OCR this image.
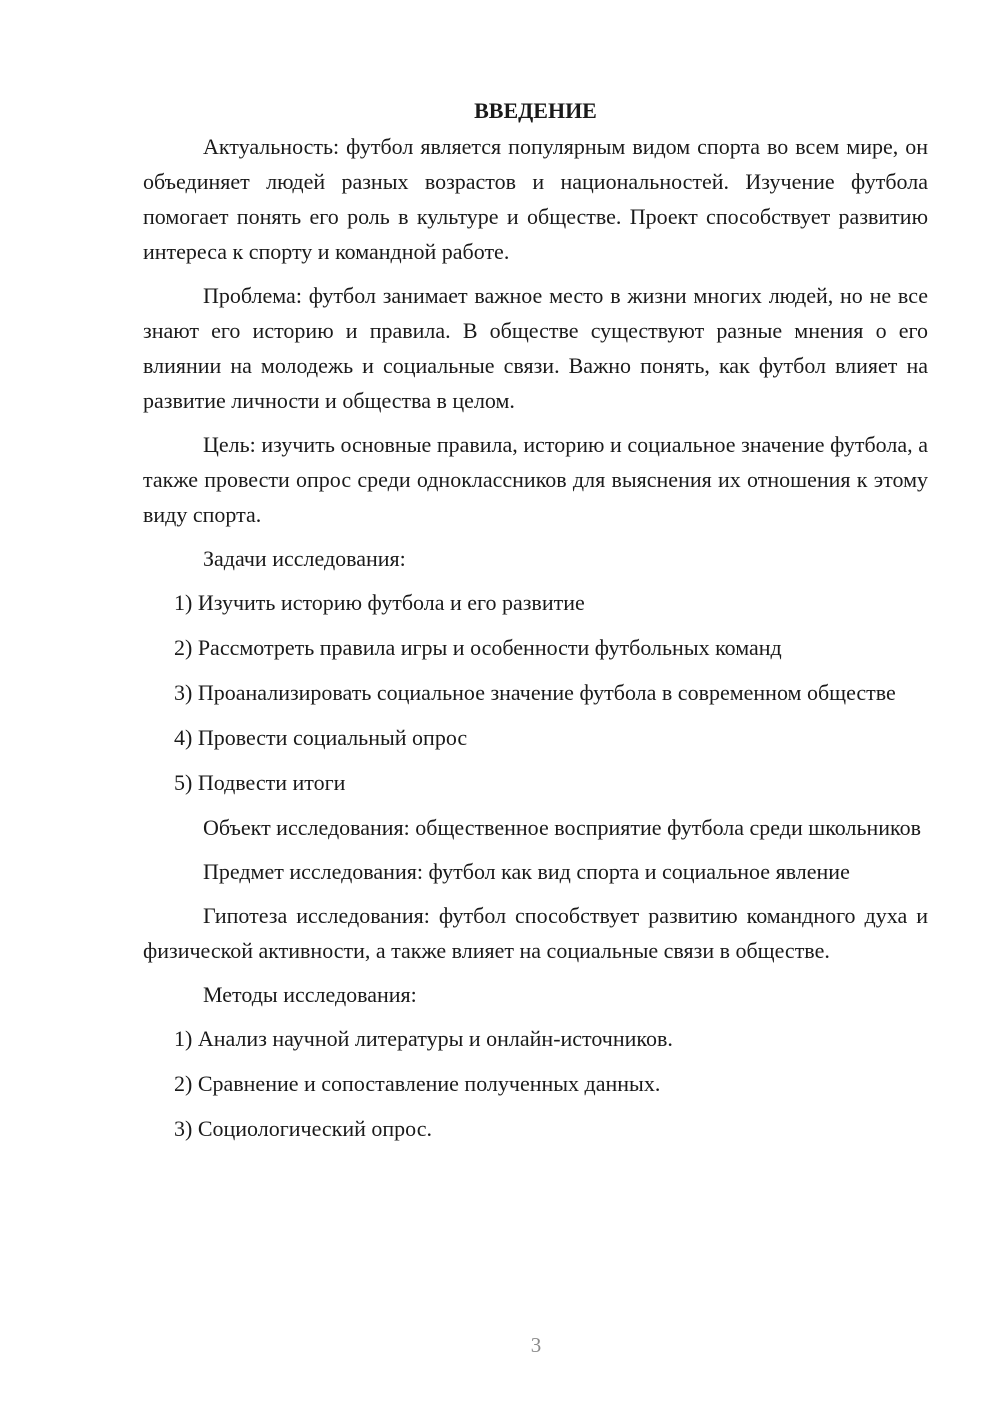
ВВЕДЕНИЕ

Актуальность: футбол является популярным видом спорта во всем мире, он объединяет людей разных возрастов и национальностей. Изучение футбола помогает понять его роль в культуре и обществе. Проект способствует развитию интереса к спорту и командной работе.

Проблема: футбол занимает важное место в жизни многих людей, но не все знают его историю и правила. В обществе существуют разные мнения о его влиянии на молодежь и социальные связи. Важно понять, как футбол влияет на развитие личности и общества в целом.

Цель: изучить основные правила, историю и социальное значение футбола, а также провести опрос среди одноклассников для выяснения их отношения к этому виду спорта.

Задачи исследования:

1) Изучить историю футбола и его развитие

2) Рассмотреть правила игры и особенности футбольных команд

3) Проанализировать социальное значение футбола в современном обществе

4) Провести социальный опрос

5) Подвести итоги

Объект исследования: общественное восприятие футбола среди школьников

Предмет исследования: футбол как вид спорта и социальное явление

Гипотеза исследования: футбол способствует развитию командного духа и физической активности, а также влияет на социальные связи в обществе.

Методы исследования:

1) Анализ научной литературы и онлайн-источников.

2) Сравнение и сопоставление полученных данных.

3) Социологический опрос.

3
